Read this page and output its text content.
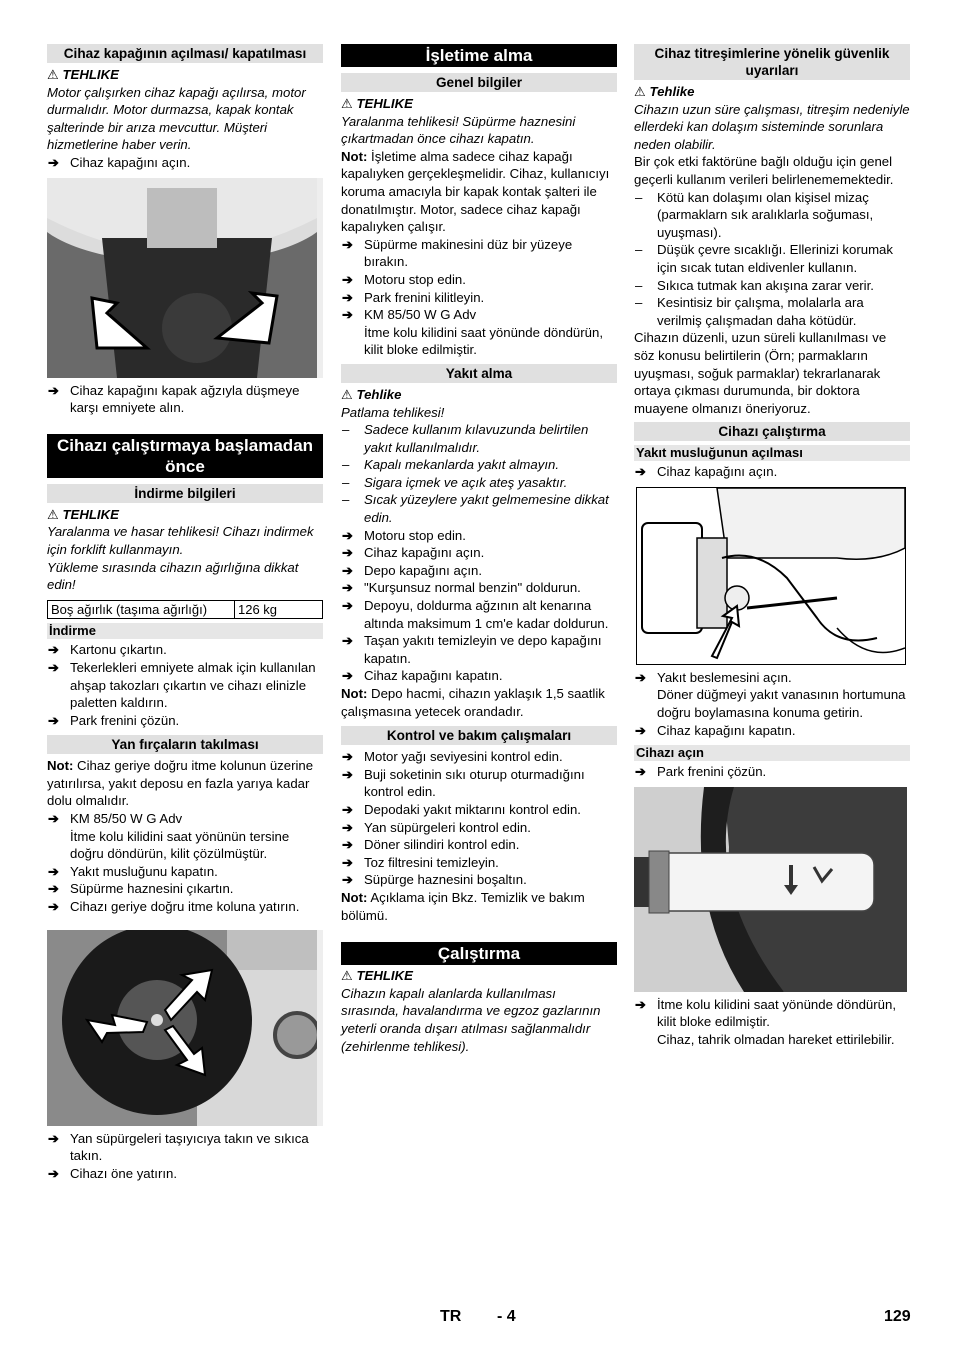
Cihaz kapağının açılması/ kapatılması

⚠ TEHLIKE

Motor çalışırken cihaz kapağı açılırsa, motor durmalıdır. Motor durmazsa, kapak kontak şalterinde bir arıza mevcuttur. Müşteri hizmetlerine haber verin.

➔ Cihaz kapağını açın.
➔ Cihaz kapağını kapak ağzıyla düşmeye karşı emniyete alın.
Cihazı çalıştırmaya başlamadan önce
İndirme bilgileri

⚠ TEHLIKE

Yaralanma ve hasar tehlikesi! Cihazı indirmek için forklift kullanmayın.

Yükleme sırasında cihazın ağırlığına dikkat edin!

Boş ağırlık (taşıma ağırlığı)	126 kg
İndirme
➔ Kartonu çıkartın.
➔ Tekerlekleri emniyete almak için kullanılan ahşap takozları çıkartın ve cihazı elinizle paletten kaldırın.
➔ Park frenini çözün.
Yan fırçaların takılması

Not: Cihaz geriye doğru itme kolunun üzerine yatırılırsa, yakıt deposu en fazla yarıya kadar dolu olmalıdır.

➔ KM 85/50 W G Adv
İtme kolu kilidini saat yönünün tersine doğru döndürün, kilit çözülmüştür.
➔ Yakıt musluğunu kapatın.
➔ Süpürme haznesini çıkartın.
➔ Cihazı geriye doğru itme koluna yatırın.
➔ Yan süpürgeleri taşıyıcıya takın ve sıkıca takın.
➔ Cihazı öne yatırın.
İşletime alma
Genel bilgiler

⚠ TEHLIKE

Yaralanma tehlikesi! Süpürme haznesini çıkartmadan önce cihazı kapatın.

Not: İşletime alma sadece cihaz kapağı kapalıyken gerçekleşmelidir. Cihaz, kullanıcıyı koruma amacıyla bir kapak kontak şalteri ile donatılmıştır. Motor, sadece cihaz kapağı kapalıyken çalışır.

➔ Süpürme makinesini düz bir yüzeye bırakın.
➔ Motoru stop edin.
➔ Park frenini kilitleyin.
➔ KM 85/50 W G Adv
İtme kolu kilidini saat yönünde döndürün, kilit bloke edilmiştir.
Yakıt alma

⚠ Tehlike

Patlama tehlikesi!

– Sadece kullanım kılavuzunda belirtilen yakıt kullanılmalıdır.
– Kapalı mekanlarda yakıt almayın.
– Sigara içmek ve açık ateş yasaktır.
– Sıcak yüzeylere yakıt gelmemesine dikkat edin.
➔ Motoru stop edin.
➔ Cihaz kapağını açın.
➔ Depo kapağını açın.
➔ "Kurşunsuz normal benzin" doldurun.
➔ Depoyu, doldurma ağzının alt kenarına altında maksimum 1 cm'e kadar doldurun.
➔ Taşan yakıtı temizleyin ve depo kapağını kapatın.
➔ Cihaz kapağını kapatın.

Not: Depo hacmi, cihazın yaklaşık 1,5 saatlik çalışmasına yetecek orandadır.

Kontrol ve bakım çalışmaları
➔ Motor yağı seviyesini kontrol edin.
➔ Buji soketinin sıkı oturup oturmadığını kontrol edin.
➔ Depodaki yakıt miktarını kontrol edin.
➔ Yan süpürgeleri kontrol edin.
➔ Döner silindiri kontrol edin.
➔ Toz filtresini temizleyin.
➔ Süpürge haznesini boşaltın.

Not: Açıklama için Bkz. Temizlik ve bakım bölümü.

Çalıştırma

⚠ TEHLIKE

Cihazın kapalı alanlarda kullanılması sırasında, havalandırma ve egzoz gazlarının yeterli oranda dışarı atılması sağlanmalıdır (zehirlenme tehlikesi).

Cihaz titreşimlerine yönelik güvenlik uyarıları

⚠ Tehlike

Cihazın uzun süre çalışması, titreşim nedeniyle ellerdeki kan dolaşım sisteminde sorunlara neden olabilir.

Bir çok etki faktörüne bağlı olduğu için genel geçerli kullanım verileri belirlenememektedir.

– Kötü kan dolaşımı olan kişisel mizaç (parmaklarn sık aralıklarla soğuması, uyuşması).
– Düşük çevre sıcaklığı. Ellerinizi korumak için sıcak tutan eldivenler kullanın.
– Sıkıca tutmak kan akışına zarar verir.
– Kesintisiz bir çalışma, molalarla ara verilmiş çalışmadan daha kötüdür.

Cihazın düzenli, uzun süreli kullanılması ve söz konusu belirtilerin (Örn; parmakların uyuşması, soğuk parmaklar) tekrarlanarak ortaya çıkması durumunda, bir doktora muayene olmanızı öneriyoruz.

Cihazı çalıştırma
Yakıt musluğunun açılması
➔ Cihaz kapağını açın.
➔ Yakıt beslemesini açın.
Döner düğmeyi yakıt vanasının hortumuna doğru boylamasına konuma getirin.
➔ Cihaz kapağını kapatın.
Cihazı açın
➔ Park frenini çözün.
➔ İtme kolu kilidini saat yönünde döndürün, kilit bloke edilmiştir.
Cihaz, tahrik olmadan hareket ettirilebilir.
TR - 4	129
